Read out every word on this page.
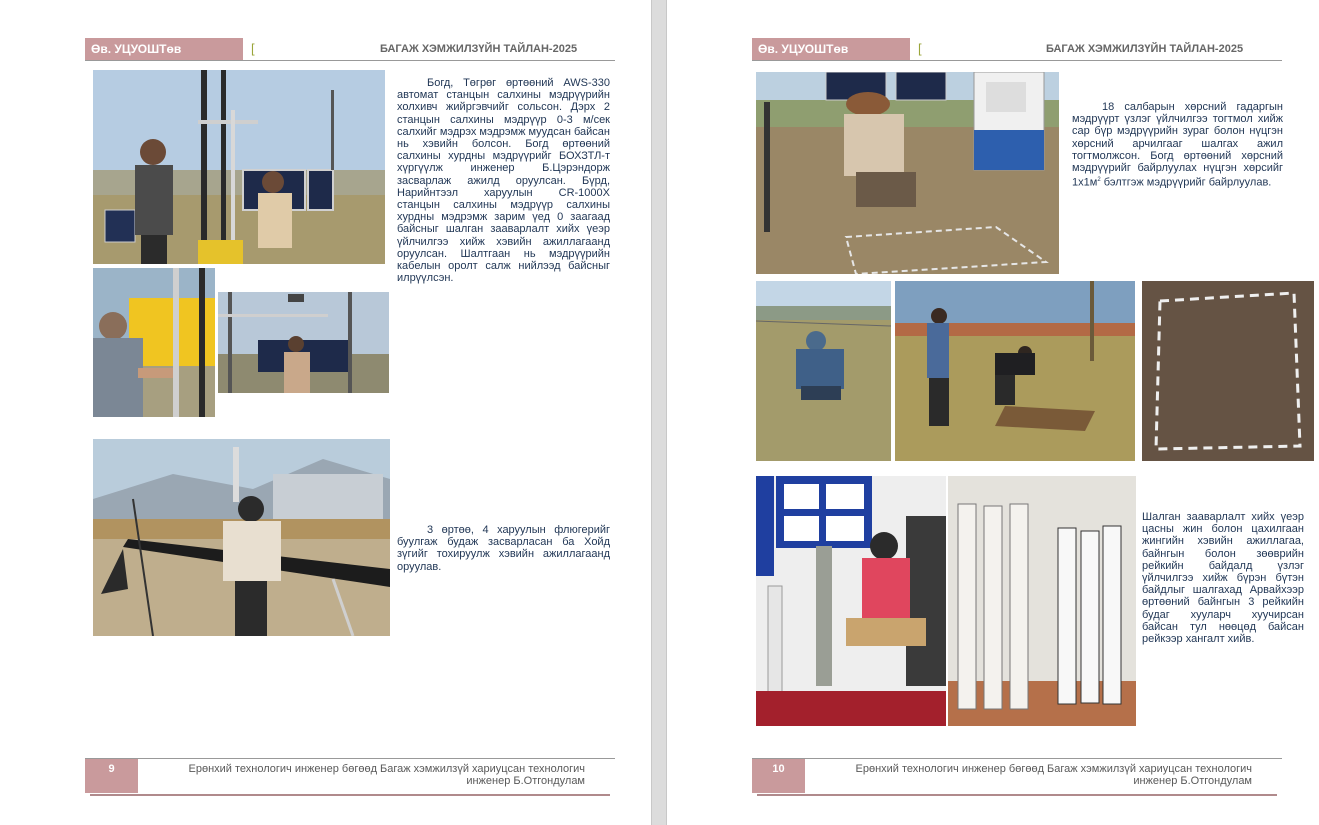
Өв. УЦУОШТөв	[	БАГАЖ ХЭМЖИЛЗҮЙН ТАЙЛАН-2025

Богд, Төгрөг өртөөний AWS-330 автомат станцын салхины мэдрүүрийн холхивч жийргэвчийг сольсон. Дэрх 2 станцын салхины мэдрүүр 0-3 м/сек салхийг мэдрэх мэдрэмж муудсан байсан нь хэвийн болсон. Богд өртөөний салхины хурдны мэдрүүрийг БОХЗТЛ-т хүргүүлж инженер Б.Цэрэндорж засварлаж ажилд оруулсан. Бүрд, Нарийнтээл харуулын CR-1000X станцын салхины мэдрүүр салхины хурдны мэдрэмж зарим үед 0 заагаад байсныг шалган зааварлалт хийх үеэр үйлчилгээ хийж хэвийн ажиллагаанд оруулсан. Шалтгаан нь мэдрүүрийн кабелын оролт салж нийлээд байсныг илрүүлсэн.

3 өртөө, 4 харуулын флюгерийг буулгаж будаж засварласан ба Хойд зүгийг тохируулж хэвийн ажиллагаанд оруулав.

9	Ерөнхий технологич инженер бөгөөд Багаж хэмжилзүй хариуцсан технологич
инженер Б.Отгондулам
Өв. УЦУОШТөв	[	БАГАЖ ХЭМЖИЛЗҮЙН ТАЙЛАН-2025

18 салбарын хөрсний гадаргын мэдрүүрт үзлэг үйлчилгээ тогтмол хийж сар бүр мэдрүүрийн зураг болон нүцгэн хөрсний арчилгааг шалгах ажил тогтмолжсон. Богд өртөөний хөрсний мэдрүүрийг байрлуулах нүцгэн хөрсийг $1x1м^2$ бэлтгэж мэдрүүрийг байрлуулав.

Шалган зааварлалт хийх үеэр цасны жин болон цахилгаан жингийн хэвийн ажиллагаа, байнгын болон зөөврийн рейкийн байдалд үзлэг үйлчилгээ хийж бүрэн бүтэн байдлыг шалгахад Арвайхээр өртөөний байнгын 3 рейкийн будаг хууларч хуучирсан байсан тул нөөцөд байсан рейкээр хангалт хийв.

10	Ерөнхий технологич инженер бөгөөд Багаж хэмжилзүй хариуцсан технологич
инженер Б.Отгондулам
